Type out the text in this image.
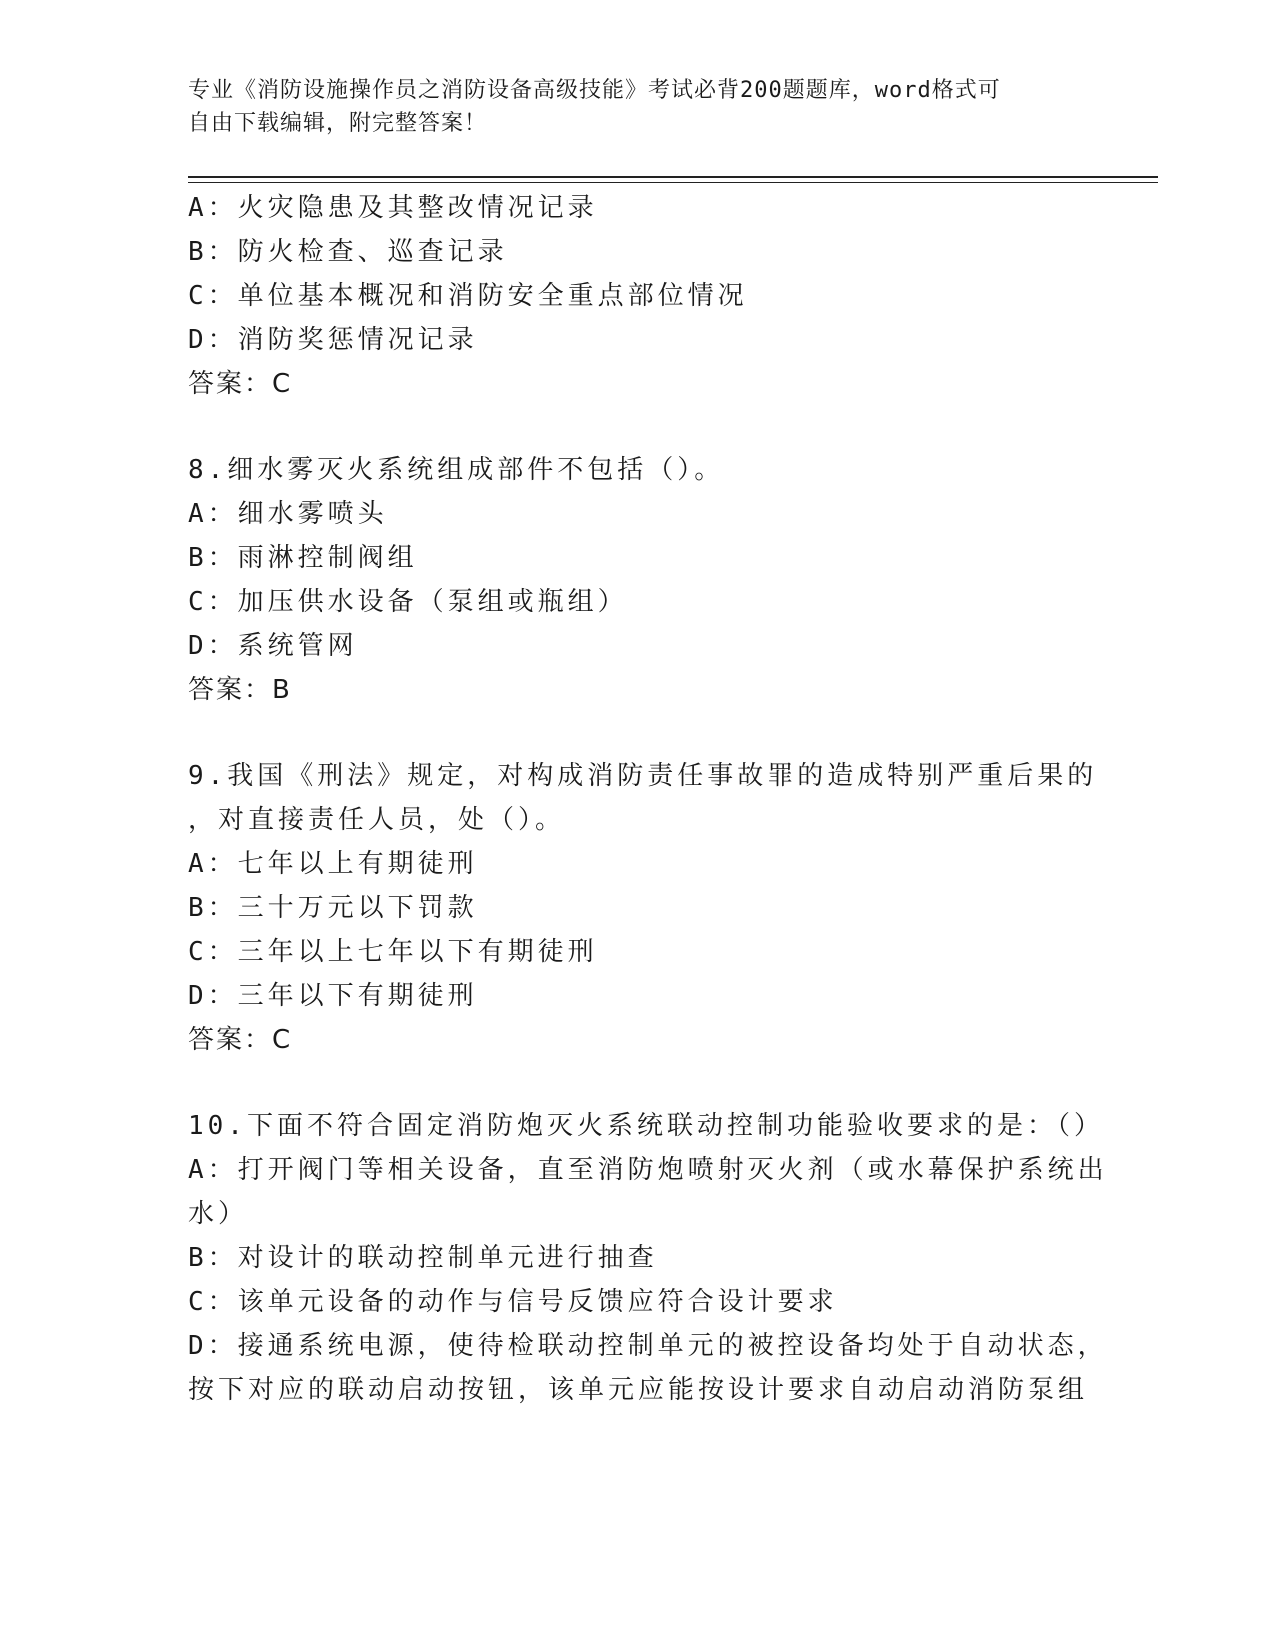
专业《消防设施操作员之消防设备高级技能》考试必背200题题库，word格式可
自由下载编辑，附完整答案！
A：火灾隐患及其整改情况记录
B：防火检查、巡查记录
C：单位基本概况和消防安全重点部位情况
D：消防奖惩情况记录
答案：C
8.细水雾灭火系统组成部件不包括（）。
A：细水雾喷头
B：雨淋控制阀组
C：加压供水设备（泵组或瓶组）
D：系统管网
答案：B
9.我国《刑法》规定，对构成消防责任事故罪的造成特别严重后果的
，对直接责任人员，处（）。
A：七年以上有期徒刑
B：三十万元以下罚款
C：三年以上七年以下有期徒刑
D：三年以下有期徒刑
答案：C
10.下面不符合固定消防炮灭火系统联动控制功能验收要求的是：（）
A：打开阀门等相关设备，直至消防炮喷射灭火剂（或水幕保护系统出
水）
B：对设计的联动控制单元进行抽查
C：该单元设备的动作与信号反馈应符合设计要求
D：接通系统电源，使待检联动控制单元的被控设备均处于自动状态，
按下对应的联动启动按钮，该单元应能按设计要求自动启动消防泵组
